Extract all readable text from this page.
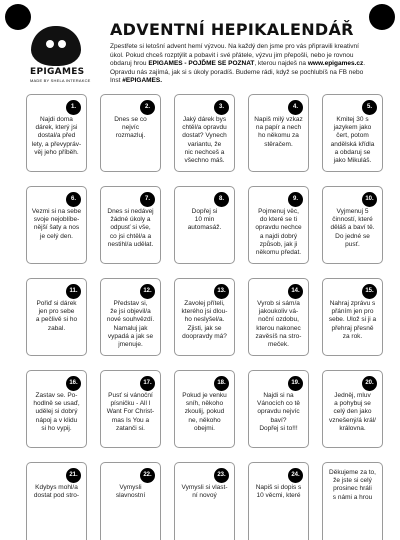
EPIGAMES
MADE BY SHELA INTERAKCE
ADVENTNÍ HEPIKALENDÁŘ
Zpestřete si letošní advent hemí výzvou. Na každý den jsme pro vás připravili kreativní úkol. Pokud chceš rozptýlit a pobavit i své přátele, výzvu jim přepošli, nebo je rovnou obdaruj hrou EPIGAMES - POJĎME SE POZNAT, kterou najdeš na www.epigames.cz. Opravdu nás zajímá, jak si s úkoly poradíš. Budeme rádi, když se pochlubíš na FB nebo Inst #EPIGAMES.
1.
Najdi doma
dárek, který jsi
dostal/a před
lety, a převypráv-
věj jeho příběh.
2.
Dnes se co
nejvíc
rozmazluj.
3.
Jaký dárek bys
chtěl/a opravdu
dostat? Vynech
variantu, že
nic nechceš a
všechno máš.
4.
Napiš milý vzkaz
na papír a nech
ho někomu za
stěračem.
5.
Kmitej 30 s
jazykem jako
čert, potom
andělská křídla
a obdaruj se
jako Mikuláš.
6.
Vezmi si na sebe
svoje nejoblíbe-
nější šaty a nos
je celý den.
7.
Dnes si nedávej
žádné úkoly a
odpusť si vše,
co jsi chtěl/a a
nestihl/a udělat.
8.
Dopřej si
10 min
automasáž.
9.
Pojmenuj věc,
do které se ti
opravdu nechce
a najdi dobrý
způsob, jak ji
někomu předat.
10.
Vyjmenuj 5
činností, které
děláš a baví tě.
Do jedné se
pusť.
11.
Pořiď si dárek
jen pro sebe
a pečlivě si ho
zabal.
12.
Představ si,
že jsi objevil/a
nové souhvězdí.
Namaluj jak
vypadá a jak se
jmenuje.
13.
Zavolej příteli,
kterého jsi dlou-
ho neslyšel/a.
Zjisti, jak se
doopravdy má?
14.
Vyrob si sám/a
jakoukoliv vá-
noční ozdobu,
kterou nakonec
zavěsíš na stro-
meček.
15.
Nahraj zprávu s
přáním jen pro
sebe. Ulož si ji a
přehraj přesně
za rok.
16.
Zastav se. Po-
hodlně se usaď,
udělej si dobrý
nápoj a v klidu
si ho vypij.
17.
Pusť si vánoční
písničku - All I
Want For Christ-
mas Is You a
zatanči si.
18.
Pokud je venku
sníh, někoho
zkoulij, pokud
ne, někoho
obejmi.
19.
Najdi si na
Vánocích co tě
opravdu nejvíc
baví?
Dopřej si to!!!
20.
Jedněj, mluv
a pohybuj se
celý den jako
vznešený/á král/
královna.
21.
Kdybys mohl/a
dostat pod stro-
22.
Vymysli
slavnostní
23.
Vymysli si vlast-
ní novoý
24.
Napiš si dopis s
10 věcmi, které
Děkujeme za to,
že jste si celý
prosinec hráli
s námi a hrou
